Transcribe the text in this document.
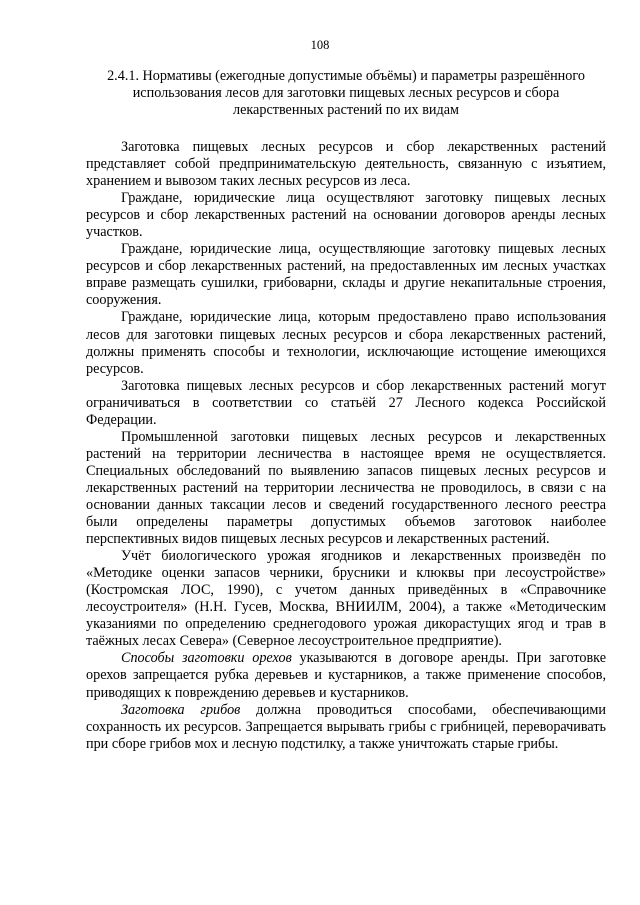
108
2.4.1. Нормативы (ежегодные допустимые объёмы) и параметры разрешённого использования лесов для заготовки пищевых лесных ресурсов и сбора лекарственных растений по их видам

Заготовка пищевых лесных ресурсов и сбор лекарственных растений представляет собой предпринимательскую деятельность, связанную с изъятием, хранением и вывозом таких лесных ресурсов из леса.

Граждане, юридические лица осуществляют заготовку пищевых лесных ресурсов и сбор лекарственных растений на основании договоров аренды лесных участков.

Граждане, юридические лица, осуществляющие заготовку пищевых лесных ресурсов и сбор лекарственных растений, на предоставленных им лесных участках вправе размещать сушилки, грибоварни, склады и другие некапитальные строения, сооружения.

Граждане, юридические лица, которым предоставлено право использования лесов для заготовки пищевых лесных ресурсов и сбора лекарственных растений, должны применять способы и технологии, исключающие истощение имеющихся ресурсов.

Заготовка пищевых лесных ресурсов и сбор лекарственных растений могут ограничиваться в соответствии со статьёй 27 Лесного кодекса Российской Федерации.

Промышленной заготовки пищевых лесных ресурсов и лекарственных растений на территории лесничества в настоящее время не осуществляется. Специальных обследований по выявлению запасов пищевых лесных ресурсов и лекарственных растений на территории лесничества не проводилось, в связи с на основании данных таксации лесов и сведений государственного лесного реестра были определены параметры допустимых объемов заготовок наиболее перспективных видов пищевых лесных ресурсов и лекарственных растений.

Учёт биологического урожая ягодников и лекарственных произведён по «Методике оценки запасов черники, брусники и клюквы при лесоустройстве» (Костромская ЛОС, 1990), с учетом данных приведённых в «Справочнике лесоустроителя» (Н.Н. Гусев, Москва, ВНИИЛМ, 2004), а также «Методическим указаниями по определению среднегодового урожая дикорастущих ягод и трав в таёжных лесах Севера» (Северное лесоустроительное предприятие).

Способы заготовки орехов указываются в договоре аренды. При заготовке орехов запрещается рубка деревьев и кустарников, а также применение способов, приводящих к повреждению деревьев и кустарников.

Заготовка грибов должна проводиться способами, обеспечивающими сохранность их ресурсов. Запрещается вырывать грибы с грибницей, переворачивать при сборе грибов мох и лесную подстилку, а также уничтожать старые грибы.
